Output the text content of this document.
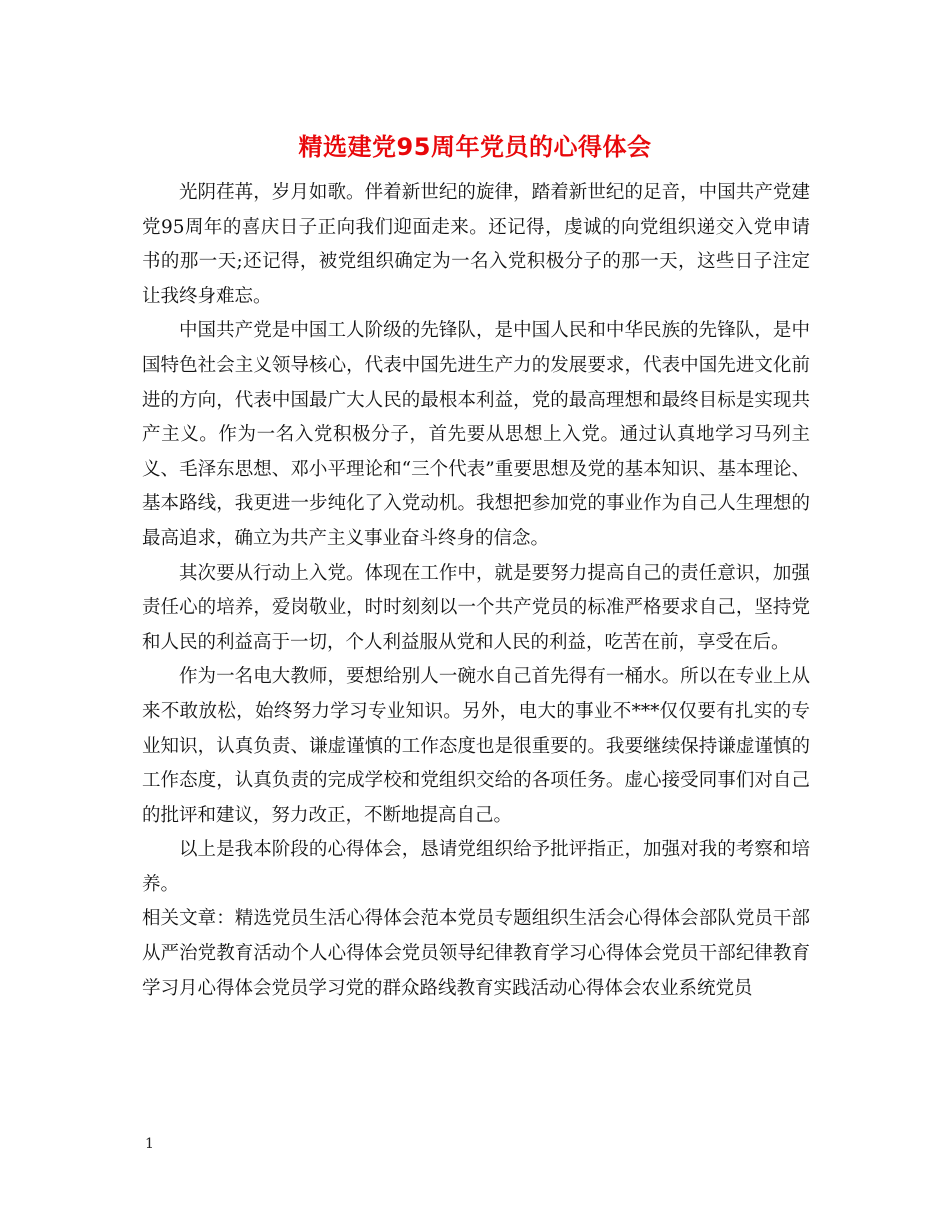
精选建党95周年党员的心得体会

光阴荏苒，岁月如歌。伴着新世纪的旋律，踏着新世纪的足音，中国共产党建党95周年的喜庆日子正向我们迎面走来。还记得，虔诚的向党组织递交入党申请书的那一天;还记得，被党组织确定为一名入党积极分子的那一天，这些日子注定让我终身难忘。

中国共产党是中国工人阶级的先锋队，是中国人民和中华民族的先锋队，是中国特色社会主义领导核心，代表中国先进生产力的发展要求，代表中国先进文化前进的方向，代表中国最广大人民的最根本利益，党的最高理想和最终目标是实现共产主义。作为一名入党积极分子，首先要从思想上入党。通过认真地学习马列主义、毛泽东思想、邓小平理论和“三个代表”重要思想及党的基本知识、基本理论、基本路线，我更进一步纯化了入党动机。我想把参加党的事业作为自己人生理想的最高追求，确立为共产主义事业奋斗终身的信念。

其次要从行动上入党。体现在工作中，就是要努力提高自己的责任意识，加强责任心的培养，爱岗敬业，时时刻刻以一个共产党员的标准严格要求自己，坚持党和人民的利益高于一切，个人利益服从党和人民的利益，吃苦在前，享受在后。

作为一名电大教师，要想给别人一碗水自己首先得有一桶水。所以在专业上从来不敢放松，始终努力学习专业知识。另外，电大的事业不***仅仅要有扎实的专业知识，认真负责、谦虚谨慎的工作态度也是很重要的。我要继续保持谦虚谨慎的工作态度，认真负责的完成学校和党组织交给的各项任务。虚心接受同事们对自己的批评和建议，努力改正，不断地提高自己。

以上是我本阶段的心得体会，恳请党组织给予批评指正，加强对我的考察和培养。

相关文章：精选党员生活心得体会范本党员专题组织生活会心得体会部队党员干部从严治党教育活动个人心得体会党员领导纪律教育学习心得体会党员干部纪律教育学习月心得体会党员学习党的群众路线教育实践活动心得体会农业系统党员

1
